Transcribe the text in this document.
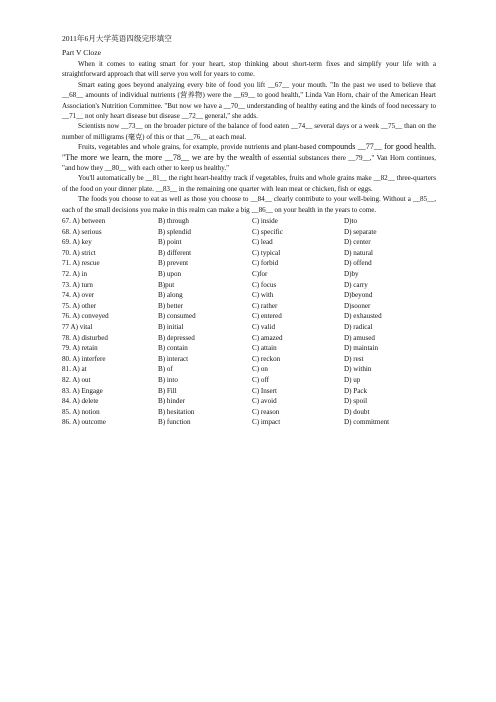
2011年6月大学英语四级完形填空
Part V Cloze

When it comes to eating smart for your heart, stop thinking about short-term fixes and simplify your life with a straightforward approach that will serve you well for years to come.

Smart eating goes beyond analyzing every bite of food you lift __67__ your mouth. "In the past we used to believe that __68__ amounts of individual nutrients (营养物) were the __69__ to good health," Linda Van Horn, chair of the American Heart Association's Nutrition Committee. "But now we have a __70__ understanding of healthy eating and the kinds of food necessary to __71__ not only heart disease but disease __72__ general," she adds.

Scientists now __73__ on the broader picture of the balance of food eaten __74__ several days or a week __75__ than on the number of milligrams (毫克) of this or that __76__ at each meal.

Fruits, vegetables and whole grains, for example, provide nutrients and plant-based compounds __77__ for good health. "The more we learn, the more __78__ we are by the wealth of essential substances there __79__," Van Horn continues, "and how they __80__ with each other to keep us healthy."

You'll automatically be __81__ the right heart-healthy track if vegetables, fruits and whole grains make __82__ three-quarters of the food on your dinner plate. __83__ in the remaining one quarter with lean meat or chicken, fish or eggs.

The foods you choose to eat as well as those you choose to __84__ clearly contribute to your well-being. Without a __85__, each of the small decisions you make in this realm can make a big __86__ on your health in the years to come.

67. A) between	B) through	C) inside	D)to
68. A) serious	B) splendid	C) specific	D) separate
69. A) key	B) point	C) lead	D) center
70. A) strict	B) different	C) typical	D) natural
71. A) rescue	B) prevent	C) forbid	D) offend
72. A) in	B) upon	C)for	D)by
73. A) turn	B)put	C) focus	D) carry
74. A) over	B) along	C) with	D)beyond
75. A) other	B) better	C) rather	D)sooner
76. A) conveyed	B) consumed	C) entered	D) exhausted
77 A) vital	B) initial	C) valid	D) radical
78. A) disturbed	B) depressed	C) amazed	D) amused
79. A) retain	B) contain	C) attain	D) maintain
80. A) interfere	B) interact	C) reckon	D) rest
81. A) at	B) of	C) on	D) within
82. A) out	B) into	C) off	D) up
83. A) Engage	B) Fill	C) Insert	D) Pack
84. A) delete	B) hinder	C) avoid	D) spoil
85. A) notion	B) hesitation	C) reason	D) doubt
86. A) outcome	B) function	C) impact	D) commitment
